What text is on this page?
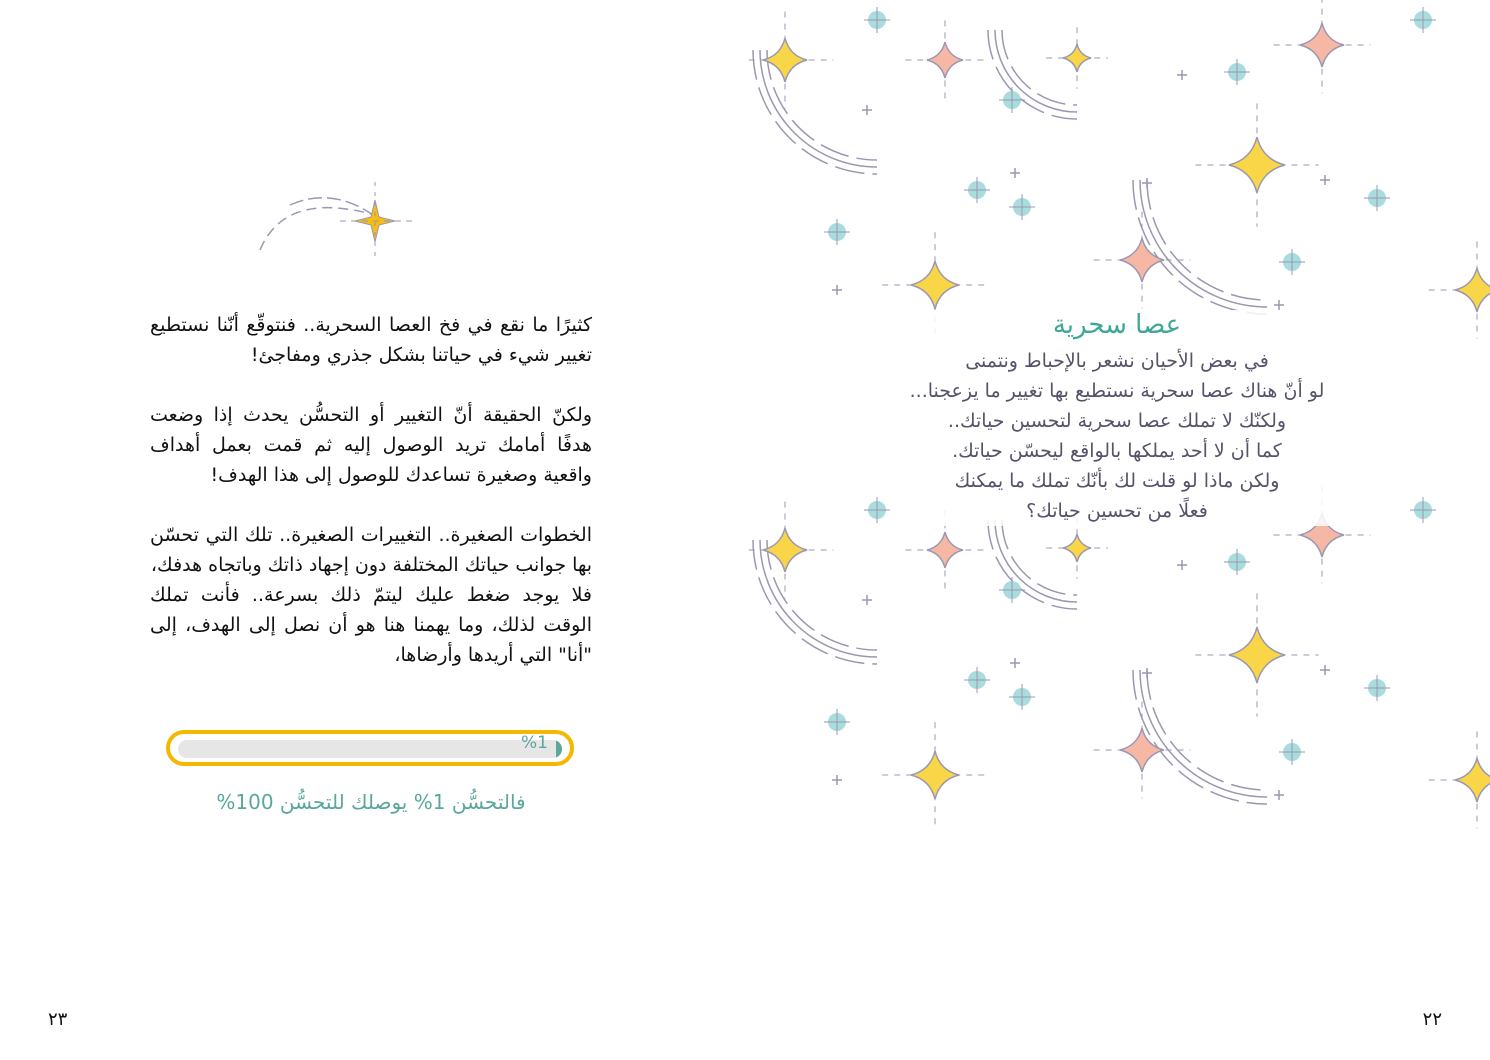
كثيرًا ما نقع في فخ العصا السحرية.. فنتوقّع أنّنا نستطيع تغيير شيء في حياتنا بشكل جذري ومفاجئ!

ولكنّ الحقيقة أنّ التغيير أو التحسُّن يحدث إذا وضعت هدفًا أمامك تريد الوصول إليه ثم قمت بعمل أهداف واقعية وصغيرة تساعدك للوصول إلى هذا الهدف!

الخطوات الصغيرة.. التغييرات الصغيرة.. تلك التي تحسّن بها جوانب حياتك المختلفة دون إجهاد ذاتك وباتجاه هدفك،

فلا يوجد ضغط عليك ليتمّ ذلك بسرعة.. فأنت تملك الوقت لذلك، وما يهمنا هنا هو أن نصل إلى الهدف، إلى "أنا" التي أريدها وأرضاها،

%1
فالتحسُّن 1% يوصلك للتحسُّن 100%
٢٣
عصا سحرية
في بعض الأحيان نشعر بالإحباط ونتمنى
لو أنّ هناك عصا سحرية نستطيع بها تغيير ما يزعجنا...
ولكنّك لا تملك عصا سحرية لتحسين حياتك..
كما أن لا أحد يملكها بالواقع ليحسّن حياتك.
ولكن ماذا لو قلت لك بأنّك تملك ما يمكنك
فعلًا من تحسين حياتك؟
٢٢
